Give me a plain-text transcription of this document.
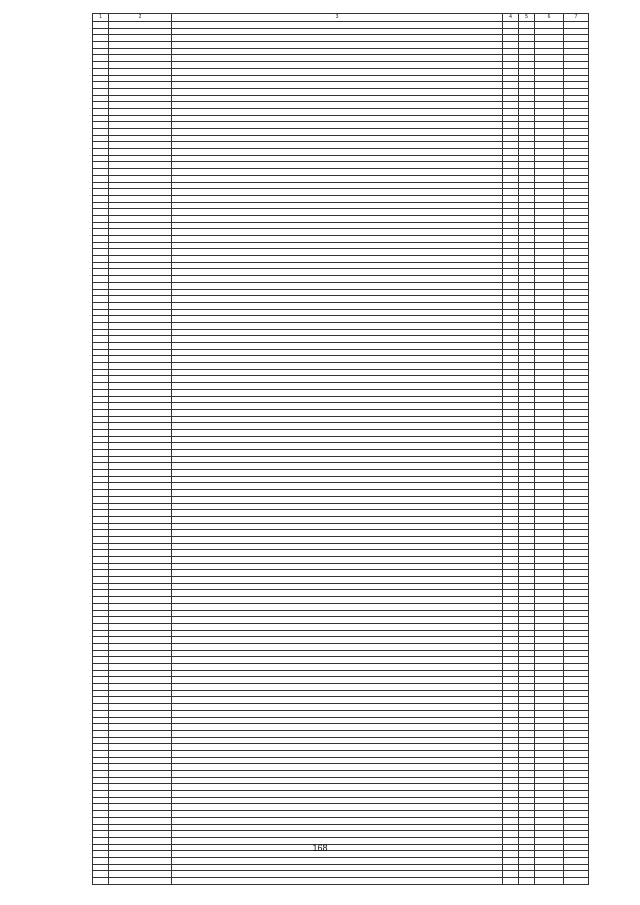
1	2	3	4	5	6	7

168
